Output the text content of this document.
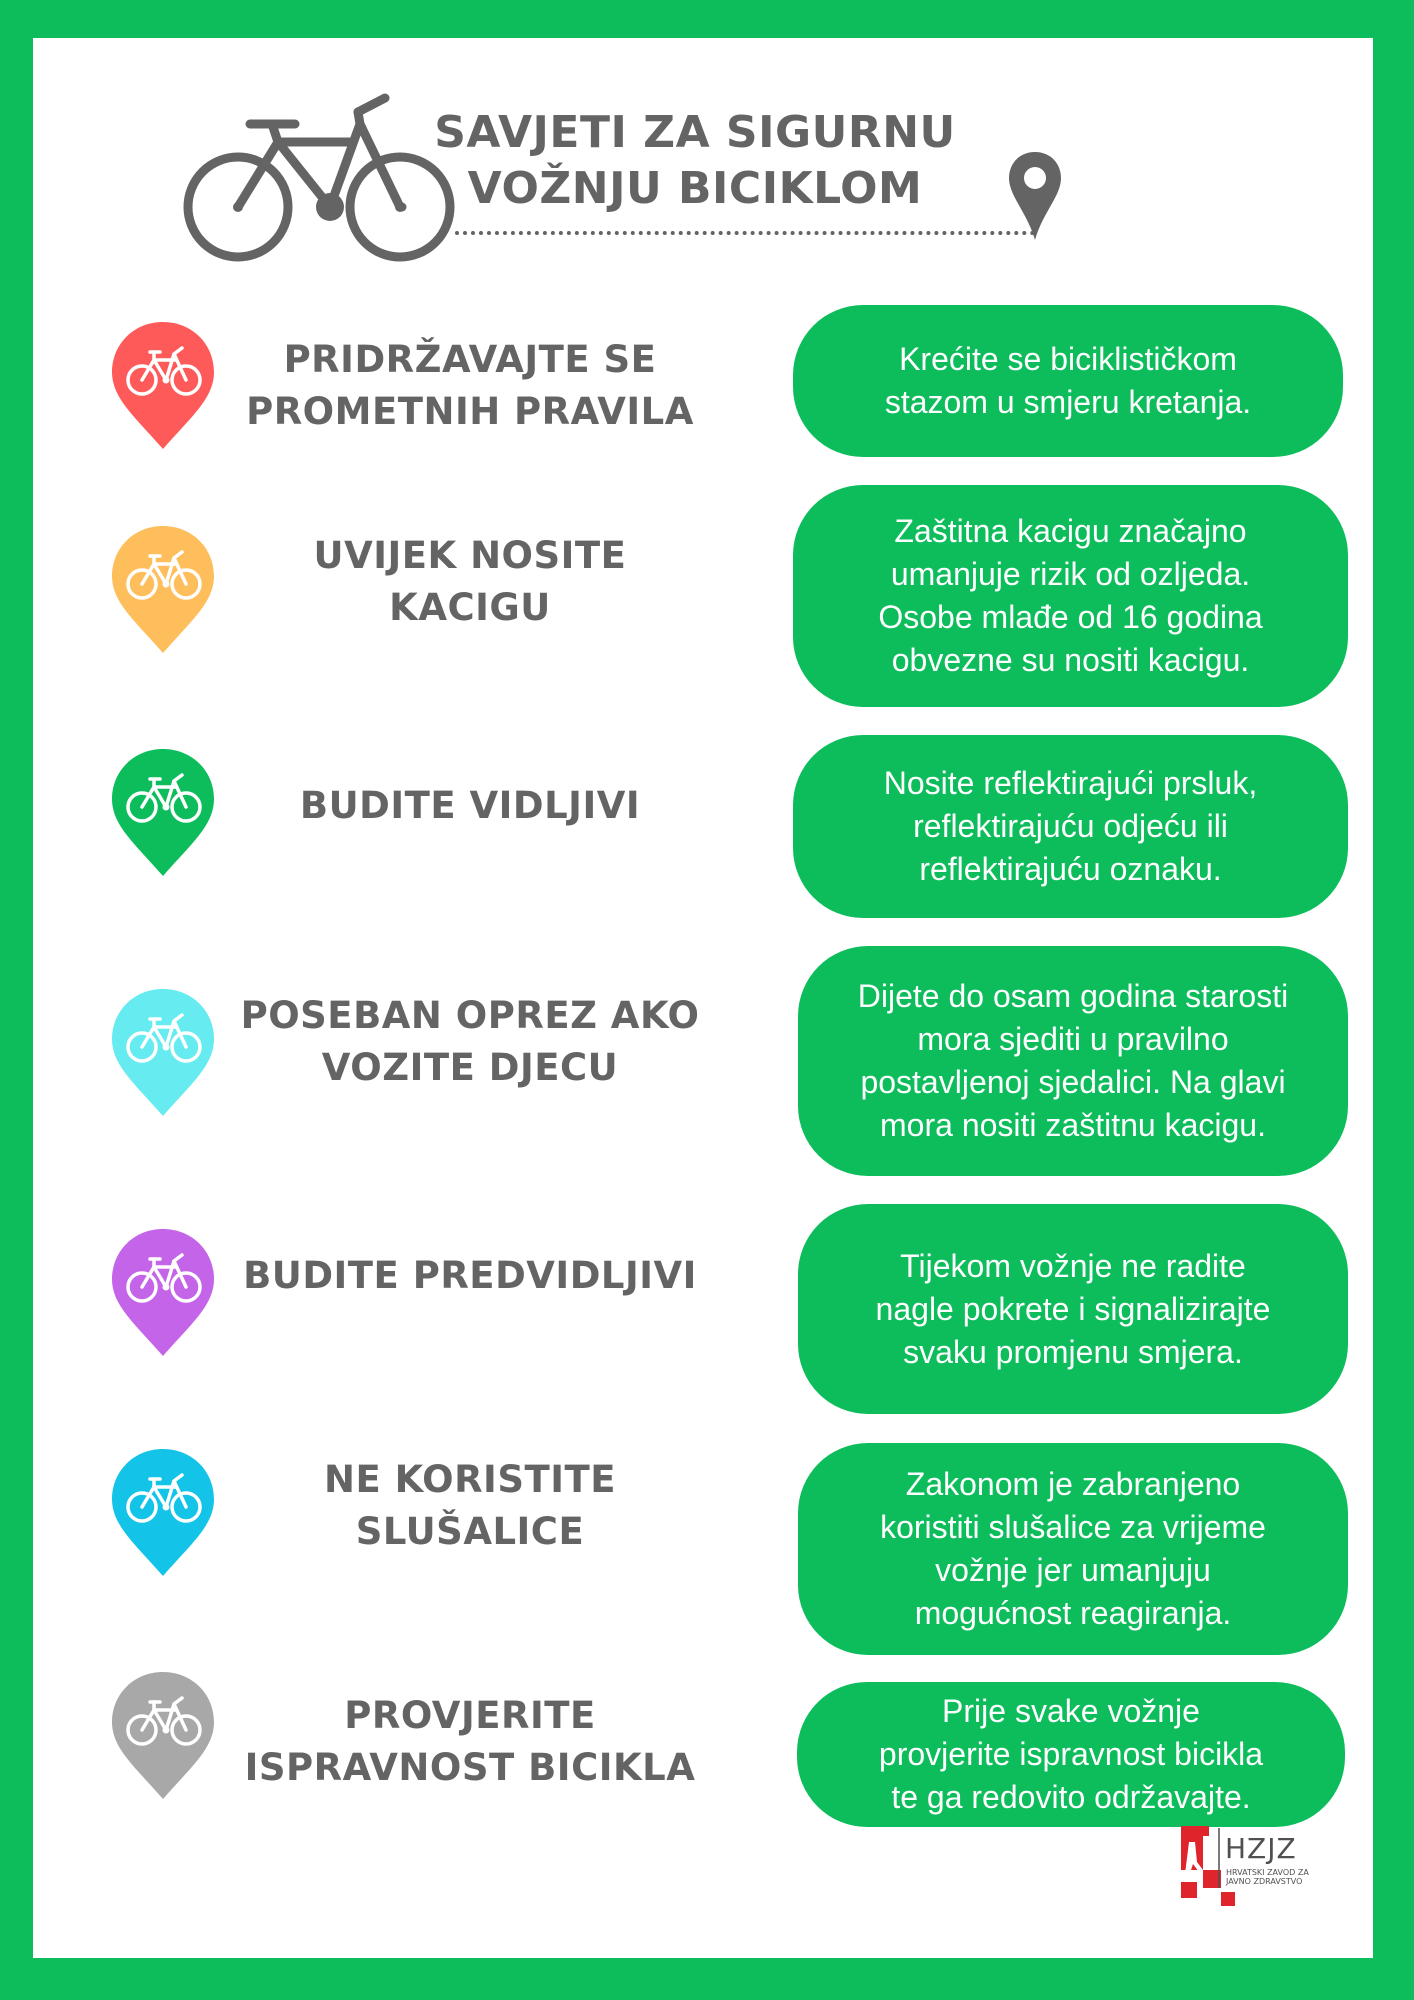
SAVJETI ZA SIGURNU
VOŽNJU BICIKLOM
PRIDRŽAVAJTE SE
PROMETNIH PRAVILA
Krećite se biciklističkom
stazom u smjeru kretanja.
UVIJEK NOSITE
KACIGU
Zaštitna kacigu značajno
umanjuje rizik od ozljeda.
Osobe mlađe od 16 godina
obvezne su nositi kacigu.
BUDITE VIDLJIVI
Nosite reflektirajući prsluk,
reflektirajuću odjeću ili
reflektirajuću oznaku.
POSEBAN OPREZ AKO
VOZITE DJECU
Dijete do osam godina starosti
mora sjediti u pravilno
postavljenoj sjedalici. Na glavi
mora nositi zaštitnu kacigu.
BUDITE PREDVIDLJIVI	Tijekom vožnje ne radite
nagle pokrete i signalizirajte
svaku promjenu smjera.
NE KORISTITE
SLUŠALICE
Zakonom je zabranjeno
koristiti slušalice za vrijeme
vožnje jer umanjuju
mogućnost reagiranja.
PROVJERITE
ISPRAVNOST BICIKLA
Prije svake vožnje
provjerite ispravnost bicikla
te ga redovito održavajte.
HZJZ
HRVATSKI ZAVOD ZA
JAVNO ZDRAVSTVO
